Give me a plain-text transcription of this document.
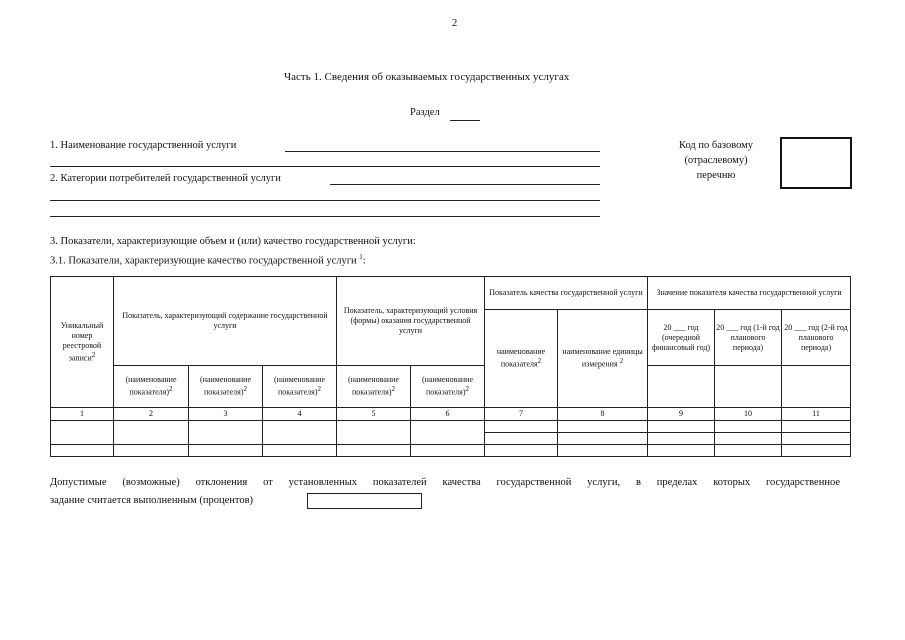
2
Часть 1. Сведения об оказываемых государственных услугах
Раздел
1. Наименование государственной услуги
2. Категории потребителей государственной услуги
Код по базовому
(отраслевому)
перечню
3. Показатели, характеризующие объем и (или) качество государственной услуги:
3.1. Показатели, характеризующие качество государственной услуги $^1$:
Уникальный номер реестровой записи$^2$	Показатель, характеризующий содержание государственной услуги			Показатель, характеризующий условия (формы) оказания государственной услуги		Показатель качества государственной услуги		Значение показателя качества государственной услуги		
						наименование показателя$^2$	наименование единицы измерения $^2$	20 ___ год (очередной финансовый год)	20 ___ год (1-й год планового периода)	20 ___ год (2-й год планового периода)
	(наименование показателя)$^2$	(наименование показателя)$^2$	(наименование показателя)$^2$	(наименование показателя)$^2$	(наименование показателя)$^2$			
1	2	3	4	5	6	7	8	9	10	11

Допустимые (возможные) отклонения от установленных показателей качества государственной услуги, в пределах которых государственное
задание считается выполненным (процентов)
